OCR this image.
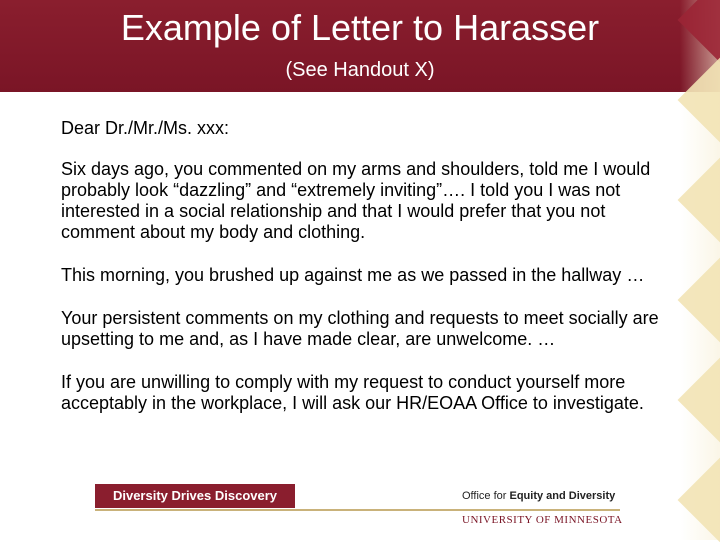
Example of Letter to Harasser
(See Handout X)

Dear Dr./Mr./Ms. xxx:

Six days ago, you commented on my arms and shoulders, told me I would probably look “dazzling” and “extremely inviting”…. I told you I was not interested in a social relationship and that I would prefer that you not comment about my body and clothing.

This morning, you brushed up against me as we passed in the hallway …

Your persistent comments on my clothing and requests to meet socially are upsetting to me and, as I have made clear, are unwelcome. …

If you are unwilling to comply with my request to conduct yourself more acceptably in the workplace, I will ask our HR/EOAA Office to investigate.

Diversity Drives Discovery	Office for Equity and Diversity
UNIVERSITY OF MINNESOTA
